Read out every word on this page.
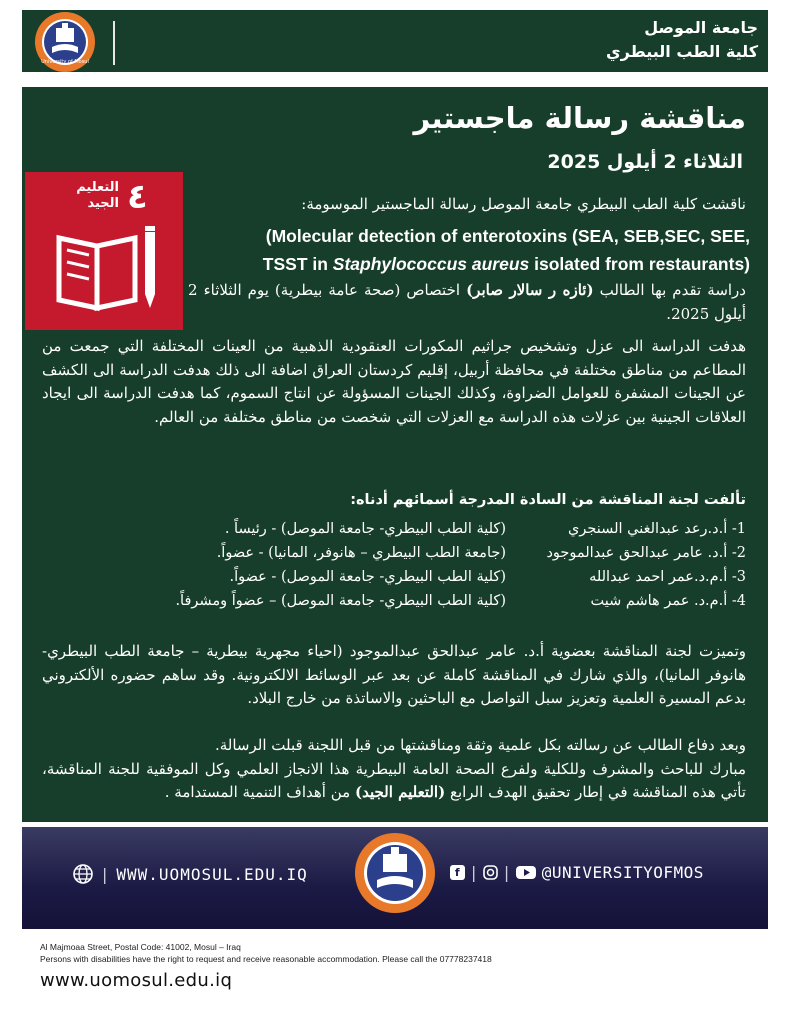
University of Mosul
جامعة الموصل
كلية الطب البيطري
مناقشة رسالة ماجستير
الثلاثاء 2 أيلول 2025
٤
التعليم
الجيد	ناقشت كلية الطب البيطري جامعة الموصل رسالة الماجستير الموسومة:
(Molecular detection of enterotoxins (SEA, SEB,SEC, SEE,
TSST in Staphylococcus aureus isolated from restaurants)
دراسة تقدم بها الطالب (ئازه ر سالار صابر) اختصاص (صحة عامة بيطرية) يوم الثلاثاء 2 أيلول 2025.
هدفت الدراسة الى عزل وتشخيص جراثيم المكورات العنقودية الذهبية من العينات المختلفة التي جمعت من المطاعم من مناطق مختلفة في محافظة أربيل، إقليم كردستان العراق اضافة الى ذلك هدفت الدراسة الى الكشف عن الجينات المشفرة للعوامل الضراوة، وكذلك الجينات المسؤولة عن انتاج السموم، كما هدفت الدراسة الى ايجاد العلاقات الجينية بين عزلات هذه الدراسة مع العزلات التي شخصت من مناطق مختلفة من العالم.
تألفت لجنة المناقشة من السادة المدرجة أسمائهم أدناه:
1- أ.د.رعد عبدالغني السنجري
(كلية الطب البيطري- جامعة الموصل) - رئيساً .
2- أ.د. عامر عبدالحق عبدالموجود
(جامعة الطب البيطري – هانوفر، المانيا) - عضواً.
3- أ.م.د.عمر احمد عبدالله
(كلية الطب البيطري- جامعة الموصل) - عضواً.
4- أ.م.د. عمر هاشم شيت
(كلية الطب البيطري- جامعة الموصل) – عضواً ومشرفاً.
وتميزت لجنة المناقشة بعضوية أ.د. عامر عبدالحق عبدالموجود (احياء مجهرية بيطرية – جامعة الطب البيطري- هانوفر المانيا)، والذي شارك في المناقشة كاملة عن بعد عبر الوسائط الالكترونية. وقد ساهم حضوره الألكتروني بدعم المسيرة العلمية وتعزيز سبل التواصل مع الباحثين والاساتذة من خارج البلاد.
وبعد دفاع الطالب عن رسالته بكل علمية وثقة ومناقشتها من قبل اللجنة قبلت الرسالة.
مبارك للباحث والمشرف وللكلية ولفرع الصحة العامة البيطرية هذا الانجاز العلمي وكل الموفقية للجنة المناقشة، تأتي هذه المناقشة في إطار تحقيق الهدف الرابع (التعليم الجيد) من أهداف التنمية المستدامة .
| WWW.UOMOSUL.EDU.IQ	f | | @UNIVERSITYOFMOS
Al Majmoaa Street, Postal Code: 41002, Mosul – Iraq
Persons with disabilities have the right to request and receive reasonable accommodation. Please call the 07778237418
www.uomosul.edu.iq
